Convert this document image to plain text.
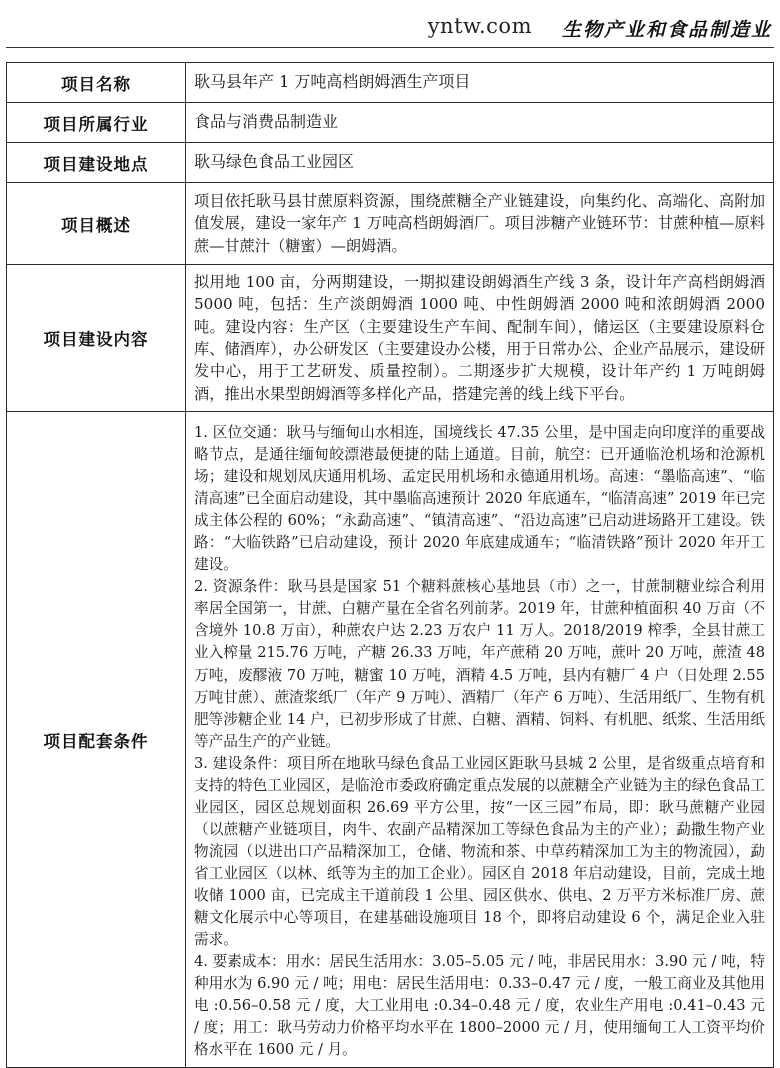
yntw.com 生物产业和食品制造业
项目名称	耿马县年产 1 万吨高档朗姆酒生产项目
项目所属行业	食品与消费品制造业
项目建设地点	耿马绿色食品工业园区
项目概述	项目依托耿马县甘蔗原料资源，围绕蔗糖全产业链建设，向集约化、高端化、高附加值发展，建设一家年产 1 万吨高档朗姆酒厂。项目涉糖产业链环节：甘蔗种植—原料蔗—甘蔗汁（糖蜜）—朗姆酒。
项目建设内容	拟用地 100 亩，分两期建设，一期拟建设朗姆酒生产线 3 条，设计年产高档朗姆酒 5000 吨，包括：生产淡朗姆酒 1000 吨、中性朗姆酒 2000 吨和浓朗姆酒 2000 吨。建设内容：生产区（主要建设生产车间、配制车间），储运区（主要建设原料仓库、储酒库），办公研发区（主要建设办公楼，用于日常办公、企业产品展示，建设研发中心，用于工艺研发、质量控制）。二期逐步扩大规模，设计年产约 1 万吨朗姆酒，推出水果型朗姆酒等多样化产品，搭建完善的线上线下平台。
项目配套条件	1. 区位交通：耿马与缅甸山水相连，国境线长 47.35 公里，是中国走向印度洋的重要战略节点，是通往缅甸皎漂港最便捷的陆上通道。目前，航空：已开通临沧机场和沧源机场；建设和规划凤庆通用机场、孟定民用机场和永德通用机场。高速：“墨临高速”、“临清高速”已全面启动建设，其中墨临高速预计 2020 年底通车，“临清高速” 2019 年已完成主体公程的 60%；“永勐高速”、“镇清高速”、“沿边高速”已启动进场路开工建设。铁路：“大临铁路”已启动建设，预计 2020 年底建成通车；“临清铁路”预计 2020 年开工建设。

2. 资源条件：耿马县是国家 51 个糖料蔗核心基地县（市）之一，甘蔗制糖业综合利用率居全国第一，甘蔗、白糖产量在全省名列前茅。2019 年，甘蔗种植面积 40 万亩（不含境外 10.8 万亩），种蔗农户达 2.23 万农户 11 万人。2018/2019 榨季，全县甘蔗工业入榨量 215.76 万吨，产糖 26.33 万吨，年产蔗稍 20 万吨，蔗叶 20 万吨，蔗渣 48 万吨，废醪液 70 万吨，糖蜜 10 万吨，酒精 4.5 万吨，县内有糖厂 4 户（日处理 2.55 万吨甘蔗）、蔗渣浆纸厂（年产 9 万吨）、酒精厂（年产 6 万吨）、生活用纸厂、生物有机肥等涉糖企业 14 户，已初步形成了甘蔗、白糖、酒精、饲料、有机肥、纸浆、生活用纸等产品生产的产业链。

3. 建设条件：项目所在地耿马绿色食品工业园区距耿马县城 2 公里，是省级重点培育和支持的特色工业园区，是临沧市委政府确定重点发展的以蔗糖全产业链为主的绿色食品工业园区，园区总规划面积 26.69 平方公里，按“一区三园”布局，即：耿马蔗糖产业园（以蔗糖产业链项目，肉牛、农副产品精深加工等绿色食品为主的产业）；勐撒生物产业物流园（以进出口产品精深加工，仓储、物流和茶、中草药精深加工为主的物流园），勐省工业园区（以林、纸等为主的加工企业）。园区自 2018 年启动建设，目前，完成土地收储 1000 亩，已完成主干道前段 1 公里、园区供水、供电、2 万平方米标准厂房、蔗糖文化展示中心等项目，在建基础设施项目 18 个，即将启动建设 6 个，满足企业入驻需求。

4. 要素成本：用水：居民生活用水：3.05–5.05 元 / 吨，非居民用水：3.90 元 / 吨，特种用水为 6.90 元 / 吨；用电：居民生活用电：0.33–0.47 元 / 度，一般工商业及其他用电 :0.56–0.58 元 / 度，大工业用电 :0.34–0.48 元 / 度，农业生产用电 :0.41–0.43 元 / 度；用工：耿马劳动力价格平均水平在 1800–2000 元 / 月，使用缅甸工人工资平均价格水平在 1600 元 / 月。
